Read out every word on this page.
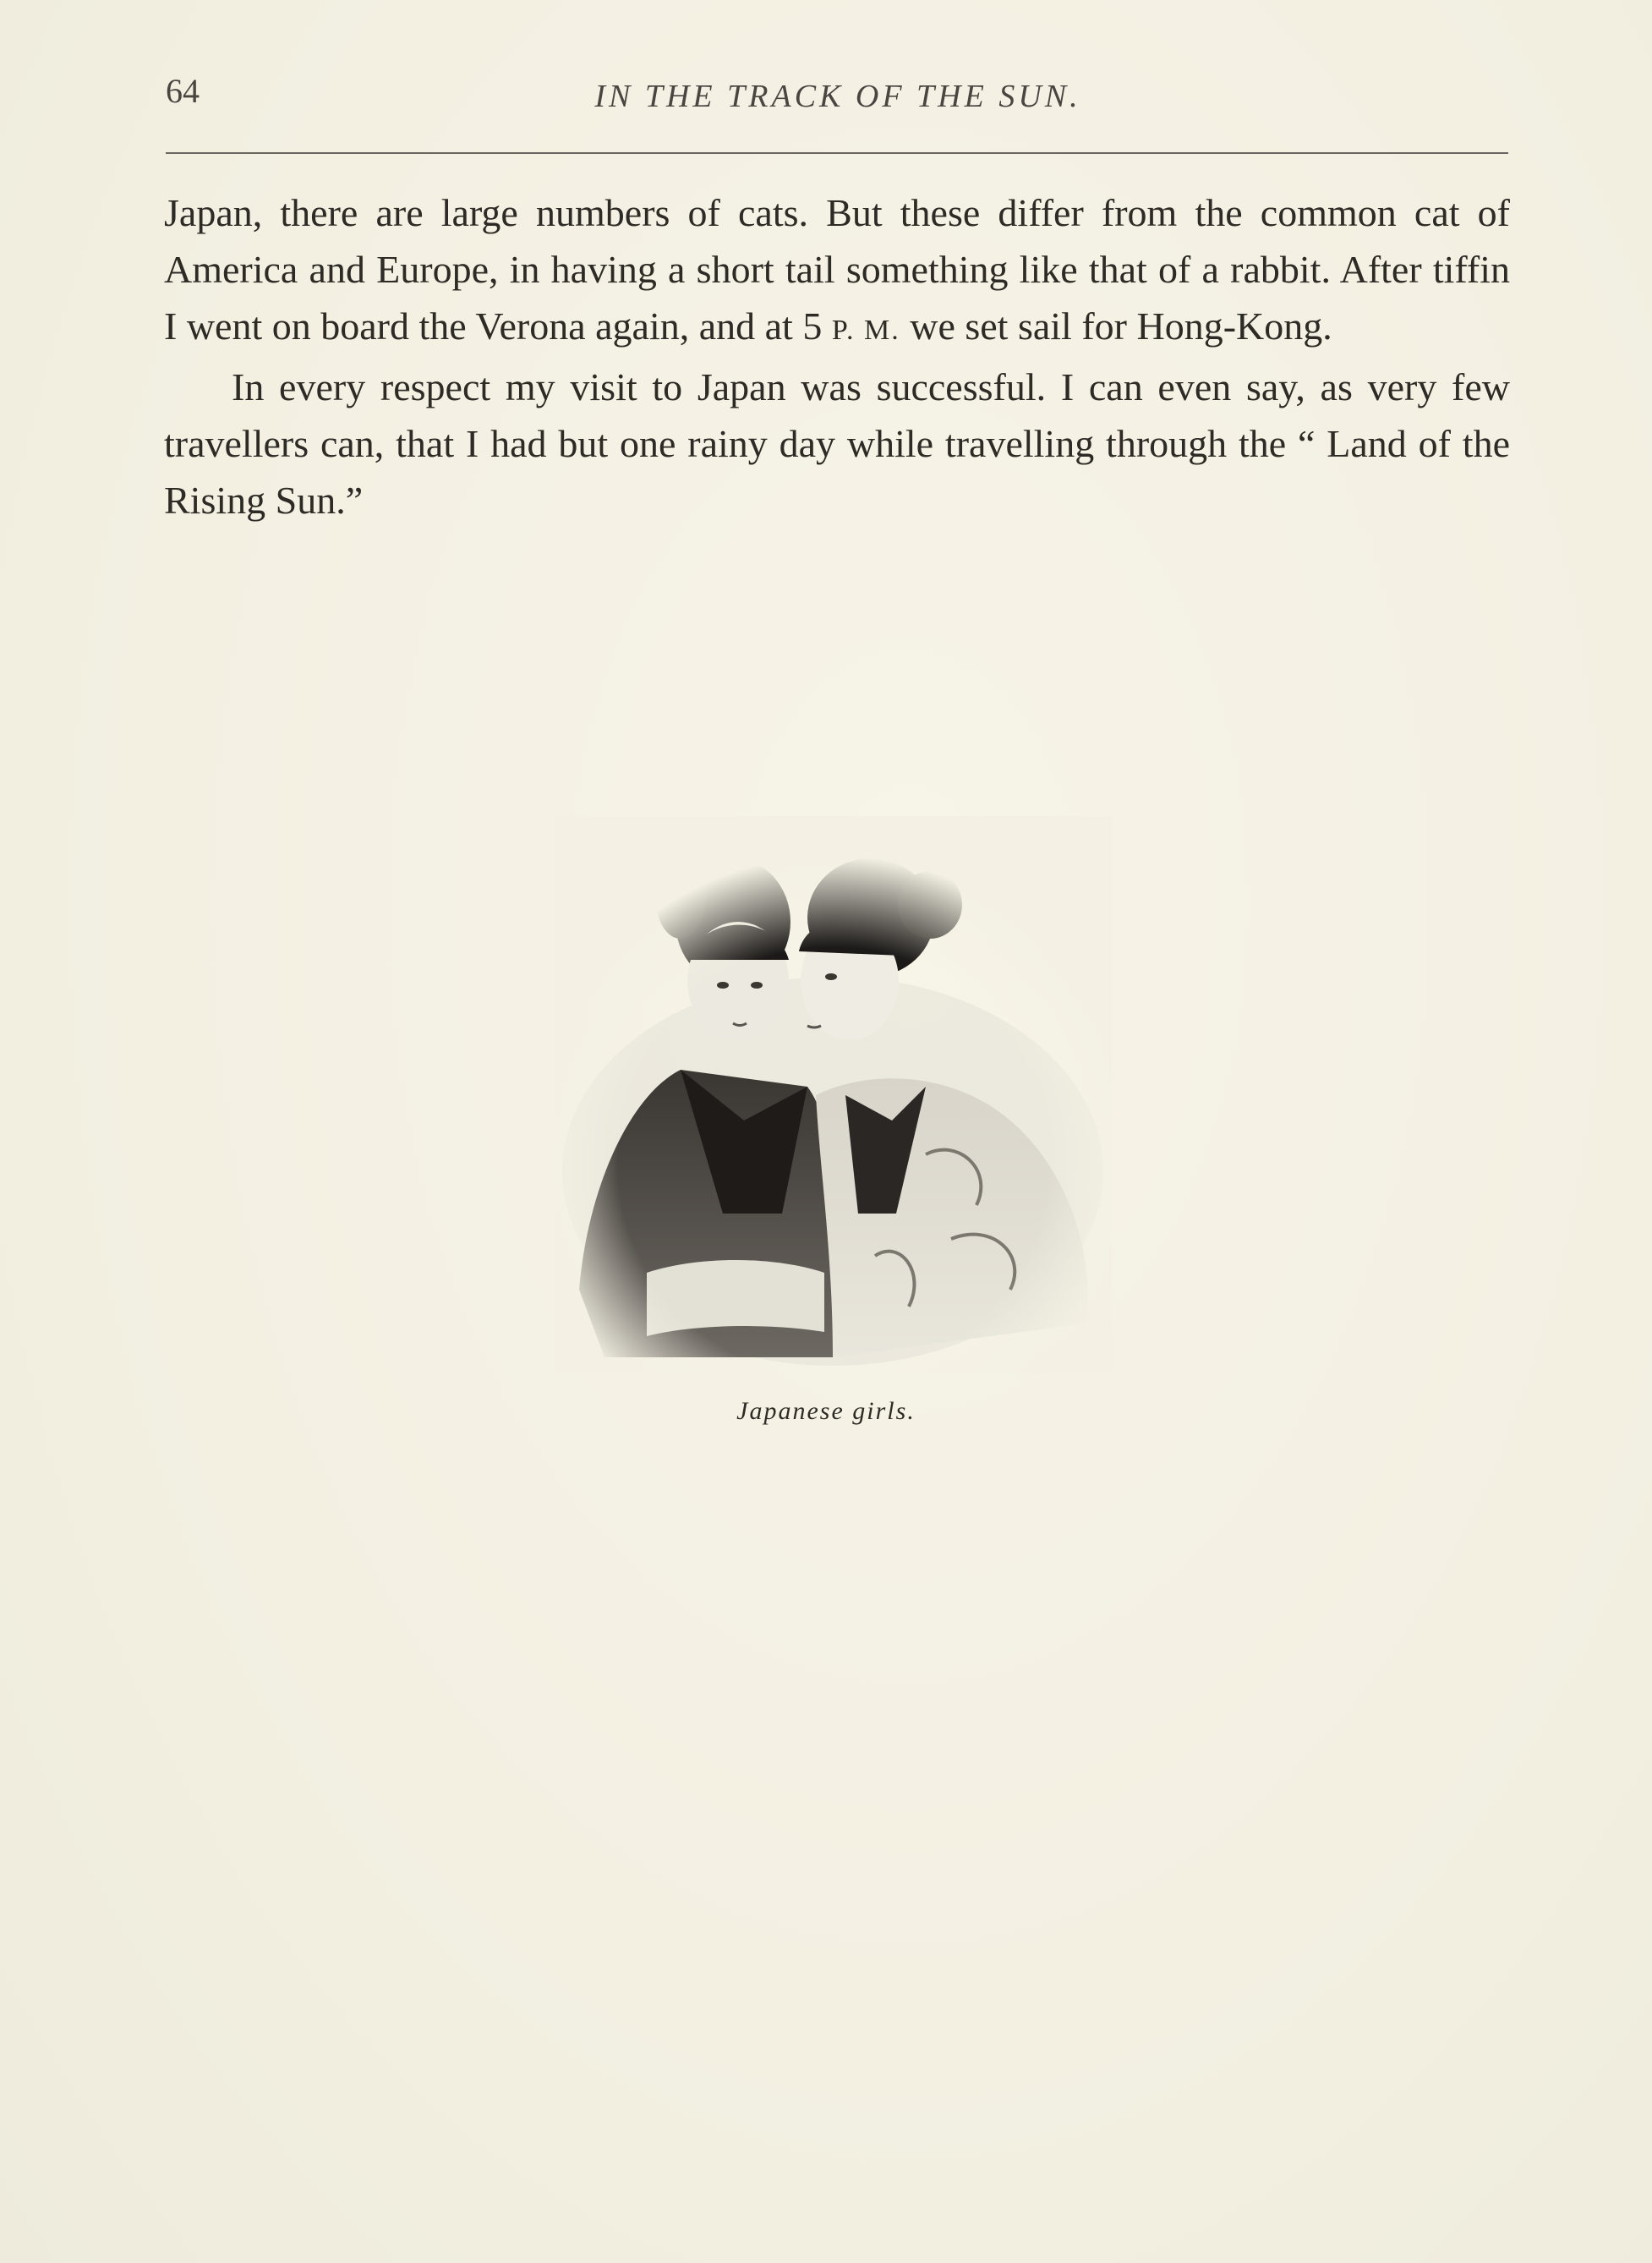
64	IN THE TRACK OF THE SUN.

Japan, there are large numbers of cats. But these differ from the common cat of America and Europe, in having a short tail something like that of a rabbit. After tiffin I went on board the Verona again, and at 5 P. M. we set sail for Hong-Kong.

In every respect my visit to Japan was successful. I can even say, as very few travellers can, that I had but one rainy day while travelling through the “ Land of the Rising Sun.”

Japanese girls.
